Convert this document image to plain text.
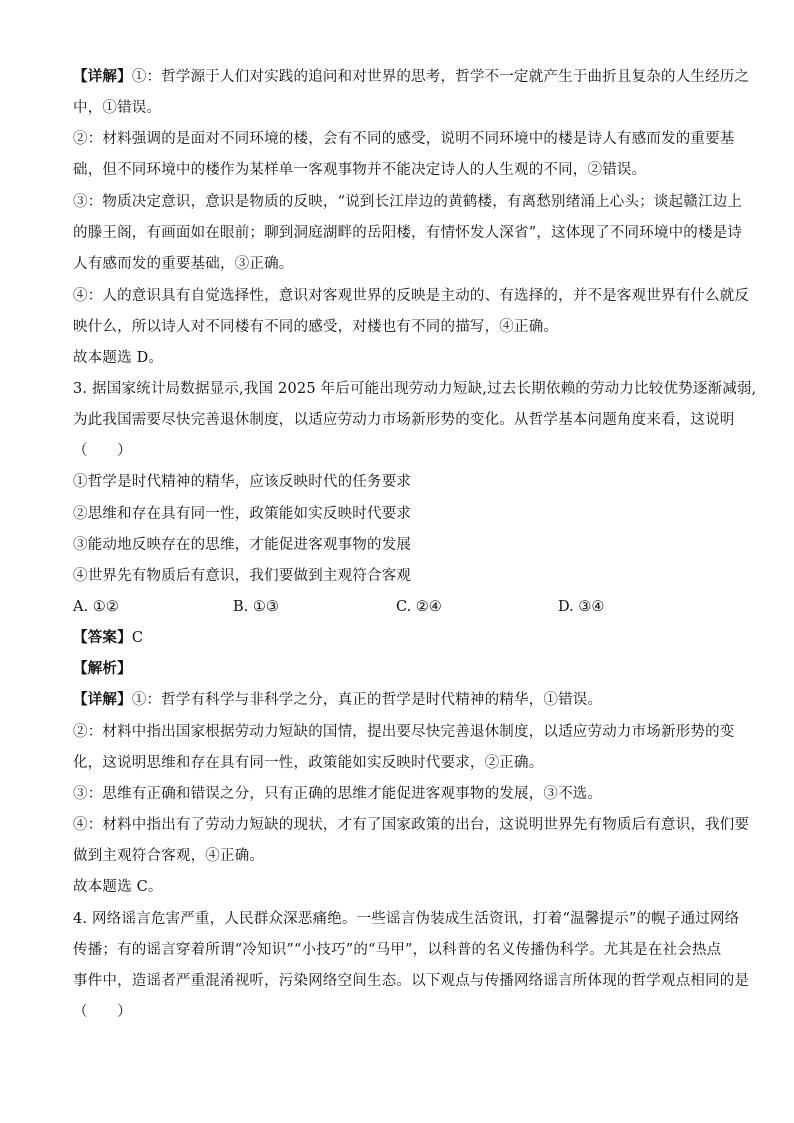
【详解】①：哲学源于人们对实践的追问和对世界的思考，哲学不一定就产生于曲折且复杂的人生经历之
中，①错误。
②：材料强调的是面对不同环境的楼，会有不同的感受，说明不同环境中的楼是诗人有感而发的重要基
础，但不同环境中的楼作为某样单一客观事物并不能决定诗人的人生观的不同，②错误。
③：物质决定意识，意识是物质的反映，“说到长江岸边的黄鹤楼，有离愁别绪涌上心头；谈起赣江边上
的滕王阁，有画面如在眼前；聊到洞庭湖畔的岳阳楼，有情怀发人深省”，这体现了不同环境中的楼是诗
人有感而发的重要基础，③正确。
④：人的意识具有自觉选择性，意识对客观世界的反映是主动的、有选择的，并不是客观世界有什么就反
映什么，所以诗人对不同楼有不同的感受，对楼也有不同的描写，④正确。
故本题选 D。
3. 据国家统计局数据显示,我国 2025 年后可能出现劳动力短缺,过去长期依赖的劳动力比较优势逐渐减弱,
为此我国需要尽快完善退休制度，以适应劳动力市场新形势的变化。从哲学基本问题角度来看，这说明
（　　）
①哲学是时代精神的精华，应该反映时代的任务要求
②思维和存在具有同一性，政策能如实反映时代要求
③能动地反映存在的思维，才能促进客观事物的发展
④世界先有物质后有意识，我们要做到主观符合客观
A. ①②	B. ①③	C. ②④	D. ③④
【答案】C
【解析】
【详解】①：哲学有科学与非科学之分，真正的哲学是时代精神的精华，①错误。
②：材料中指出国家根据劳动力短缺的国情，提出要尽快完善退休制度，以适应劳动力市场新形势的变
化，这说明思维和存在具有同一性，政策能如实反映时代要求，②正确。
③：思维有正确和错误之分，只有正确的思维才能促进客观事物的发展，③不选。
④：材料中指出有了劳动力短缺的现状，才有了国家政策的出台，这说明世界先有物质后有意识，我们要
做到主观符合客观，④正确。
故本题选 C。
4. 网络谣言危害严重，人民群众深恶痛绝。一些谣言伪装成生活资讯，打着“温馨提示”的幌子通过网络
传播；有的谣言穿着所谓“冷知识”“小技巧”的“马甲”，以科普的名义传播伪科学。尤其是在社会热点
事件中，造谣者严重混淆视听，污染网络空间生态。以下观点与传播网络谣言所体现的哲学观点相同的是
（　　）
